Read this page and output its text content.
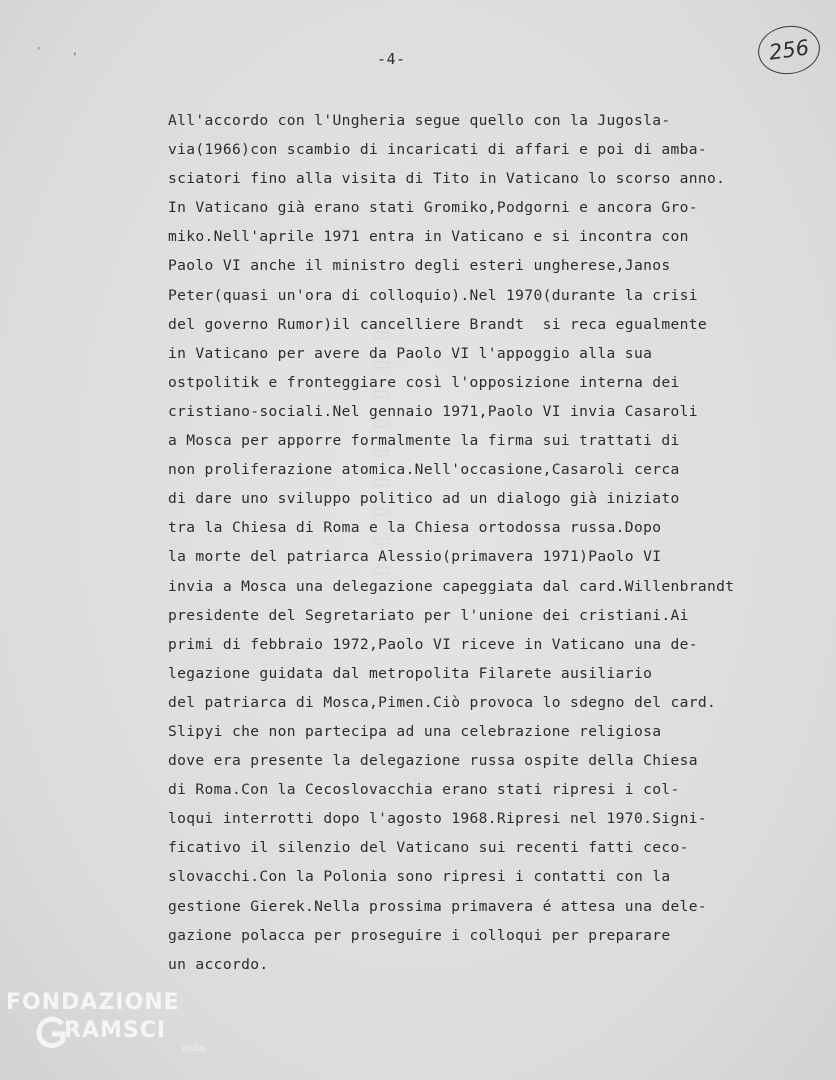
' ,	-4-	256
▯ ▯ ▯ ▯ ▯ ▯ ▯ ▯ ▯
All'accordo con l'Ungheria segue quello con la Jugosla-
via(1966)con scambio di incaricati di affari e poi di amba-
sciatori fino alla visita di Tito in Vaticano lo scorso anno.
In Vaticano già erano stati Gromiko,Podgorni e ancora Gro-
miko.Nell'aprile 1971 entra in Vaticano e si incontra con
Paolo VI anche il ministro degli esteri ungherese,Janos
Peter(quasi un'ora di colloquio).Nel 1970(durante la crisi
del governo Rumor)il cancelliere Brandt  si reca egualmente
in Vaticano per avere da Paolo VI l'appoggio alla sua
ostpolitik e fronteggiare così l'opposizione interna dei
cristiano-sociali.Nel gennaio 1971,Paolo VI invia Casaroli
a Mosca per apporre formalmente la firma sui trattati di
non proliferazione atomica.Nell'occasione,Casaroli cerca
di dare uno sviluppo politico ad un dialogo già iniziato
tra la Chiesa di Roma e la Chiesa ortodossa russa.Dopo
la morte del patriarca Alessio(primavera 1971)Paolo VI
invia a Mosca una delegazione capeggiata dal card.Willenbrandt
presidente del Segretariato per l'unione dei cristiani.Ai
primi di febbraio 1972,Paolo VI riceve in Vaticano una de-
legazione guidata dal metropolita Filarete ausiliario
del patriarca di Mosca,Pimen.Ciò provoca lo sdegno del card.
Slipyi che non partecipa ad una celebrazione religiosa
dove era presente la delegazione russa ospite della Chiesa
di Roma.Con la Cecoslovacchia erano stati ripresi i col-
loqui interrotti dopo l'agosto 1968.Ripresi nel 1970.Signi-
ficativo il silenzio del Vaticano sui recenti fatti ceco-
slovacchi.Con la Polonia sono ripresi i contatti con la
gestione Gierek.Nella prossima primavera é attesa una dele-
gazione polacca per proseguire i colloqui per preparare
un accordo.
FONDAZIONE
RAMSCI
onlus
